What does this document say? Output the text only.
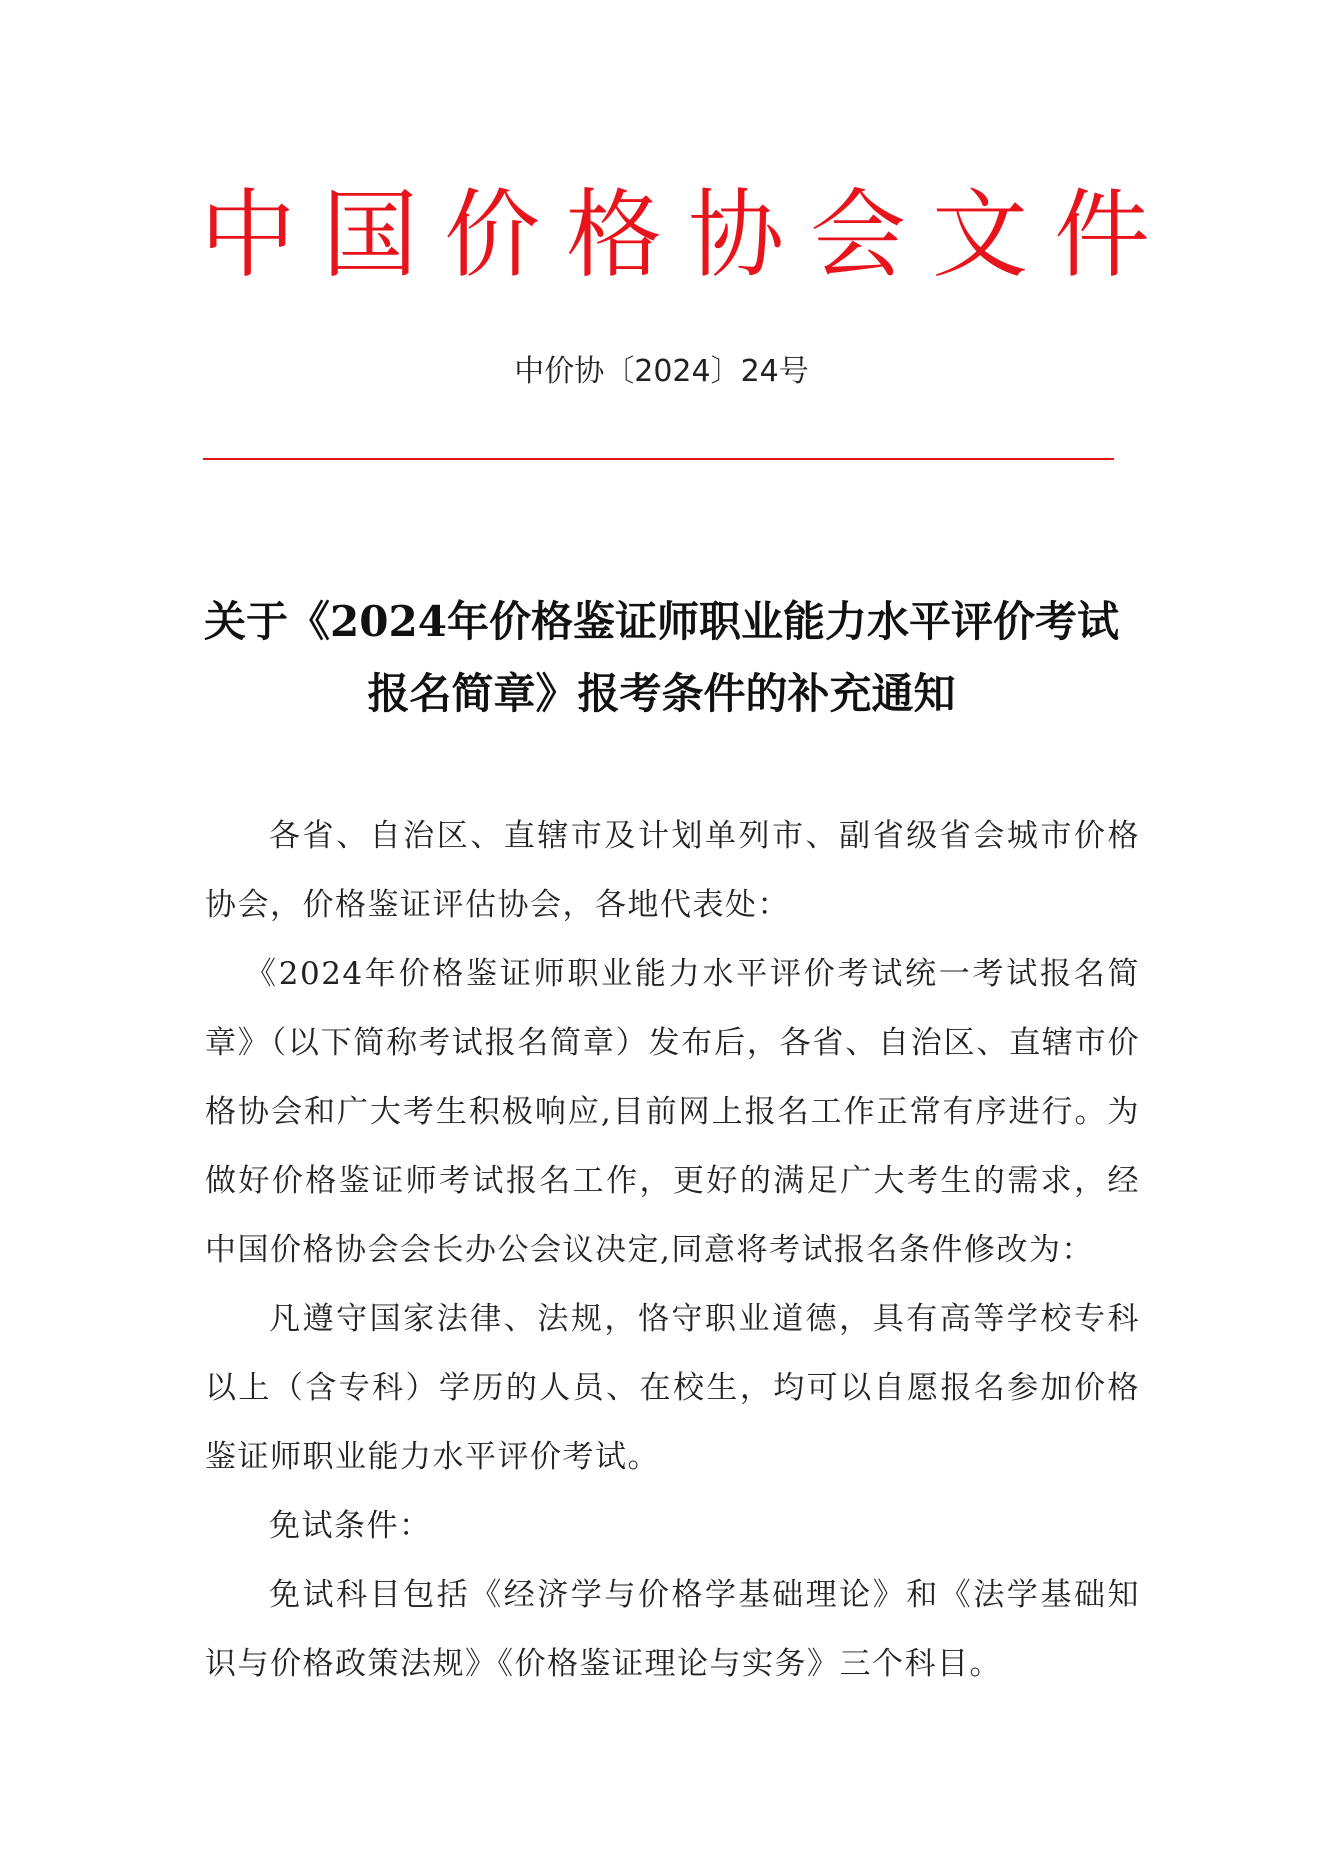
中国价格协会文件
中价协〔2024〕24号
关于《2024年价格鉴证师职业能力水平评价考试
报名简章》报考条件的补充通知

各省、自治区、直辖市及计划单列市、副省级省会城市价格协会，价格鉴证评估协会，各地代表处：

《2024年价格鉴证师职业能力水平评价考试统一考试报名简章》（以下简称考试报名简章）发布后，各省、自治区、直辖市价格协会和广大考生积极响应,目前网上报名工作正常有序进行。为做好价格鉴证师考试报名工作，更好的满足广大考生的需求，经中国价格协会会长办公会议决定,同意将考试报名条件修改为：

凡遵守国家法律、法规，恪守职业道德，具有高等学校专科以上（含专科）学历的人员、在校生，均可以自愿报名参加价格鉴证师职业能力水平评价考试。

免试条件：

免试科目包括《经济学与价格学基础理论》和《法学基础知识与价格政策法规》《价格鉴证理论与实务》三个科目。
